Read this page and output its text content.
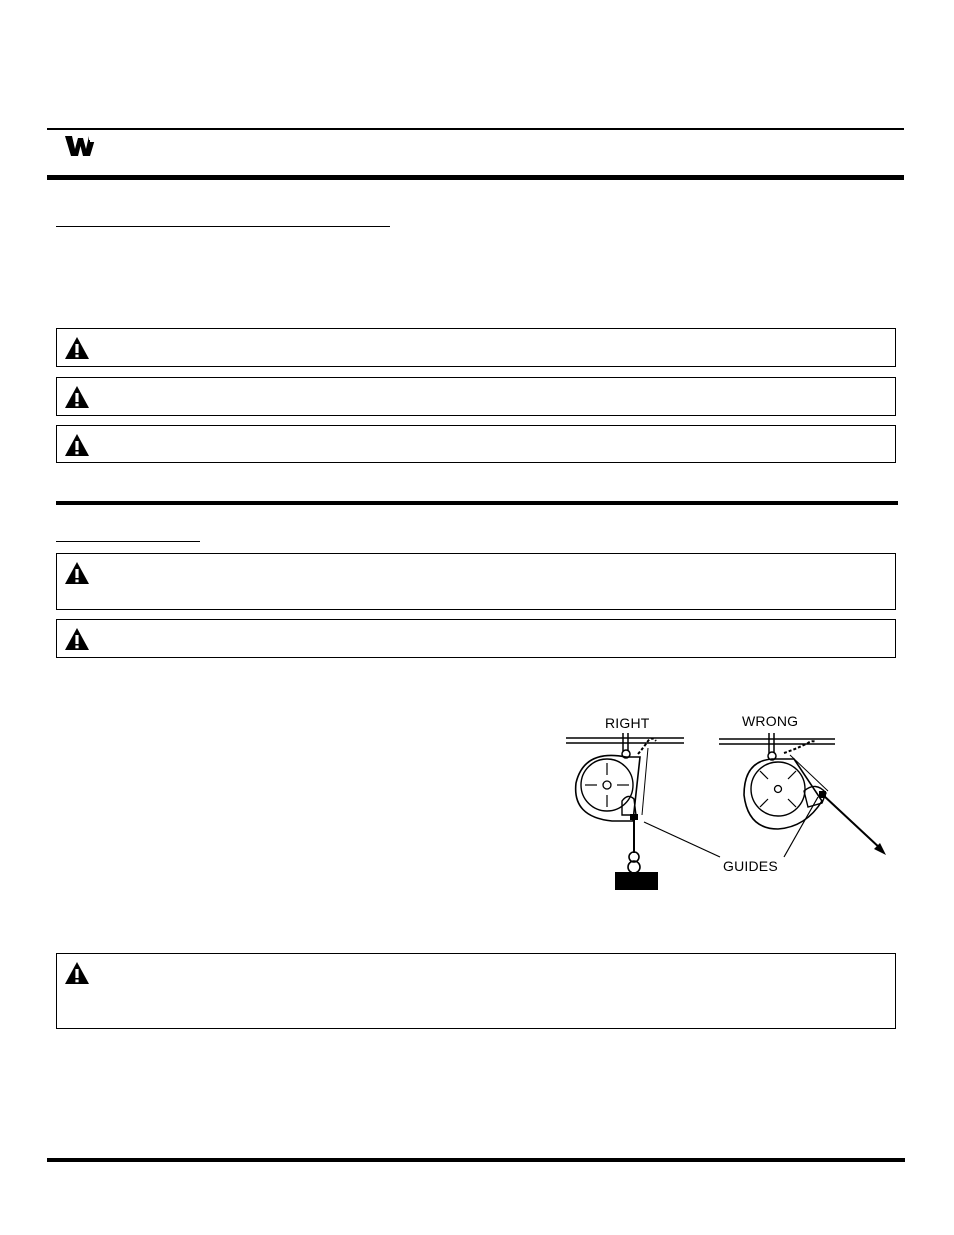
RIGHT	WRONG
GUIDES
